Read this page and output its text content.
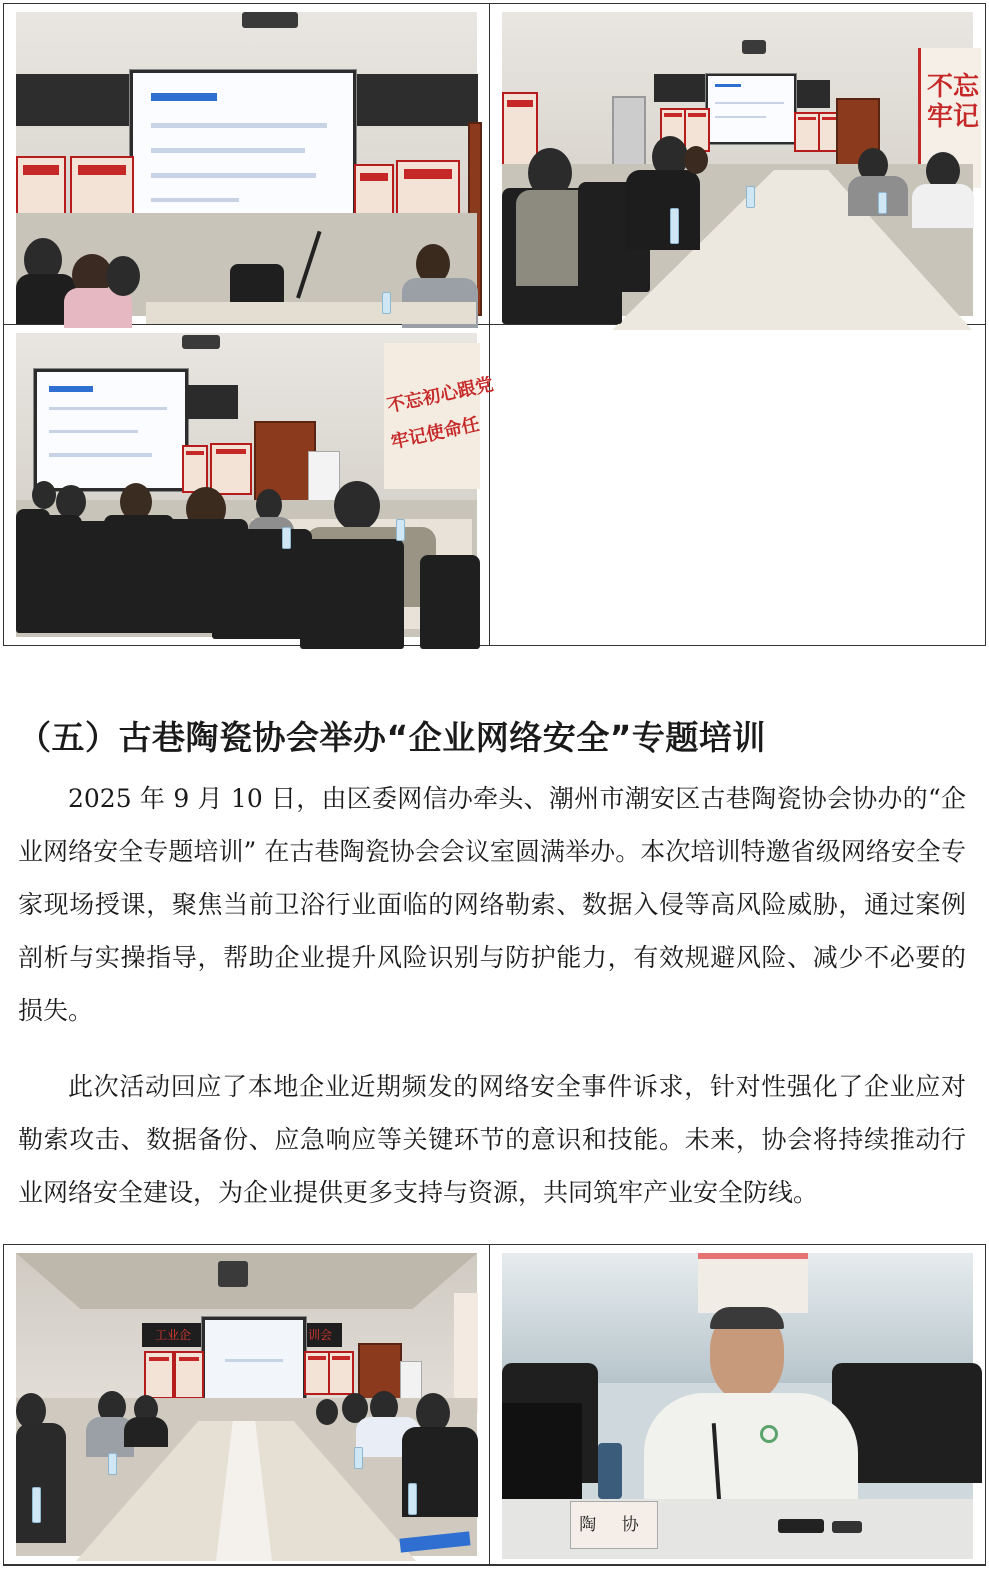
不忘
牢记
不忘初心跟党
牢记使命任
（五）古巷陶瓷协会举办“企业网络安全”专题培训

2025 年 9 月 10 日，由区委网信办牵头、潮州市潮安区古巷陶瓷协会协办的“企业网络安全专题培训” 在古巷陶瓷协会会议室圆满举办。本次培训特邀省级网络安全专家现场授课，聚焦当前卫浴行业面临的网络勒索、数据入侵等高风险威胁，通过案例剖析与实操指导，帮助企业提升风险识别与防护能力，有效规避风险、减少不必要的损失。

此次活动回应了本地企业近期频发的网络安全事件诉求，针对性强化了企业应对勒索攻击、数据备份、应急响应等关键环节的意识和技能。未来，协会将持续推动行业网络安全建设，为企业提供更多支持与资源，共同筑牢产业安全防线。

工业企	训会
陶 协
